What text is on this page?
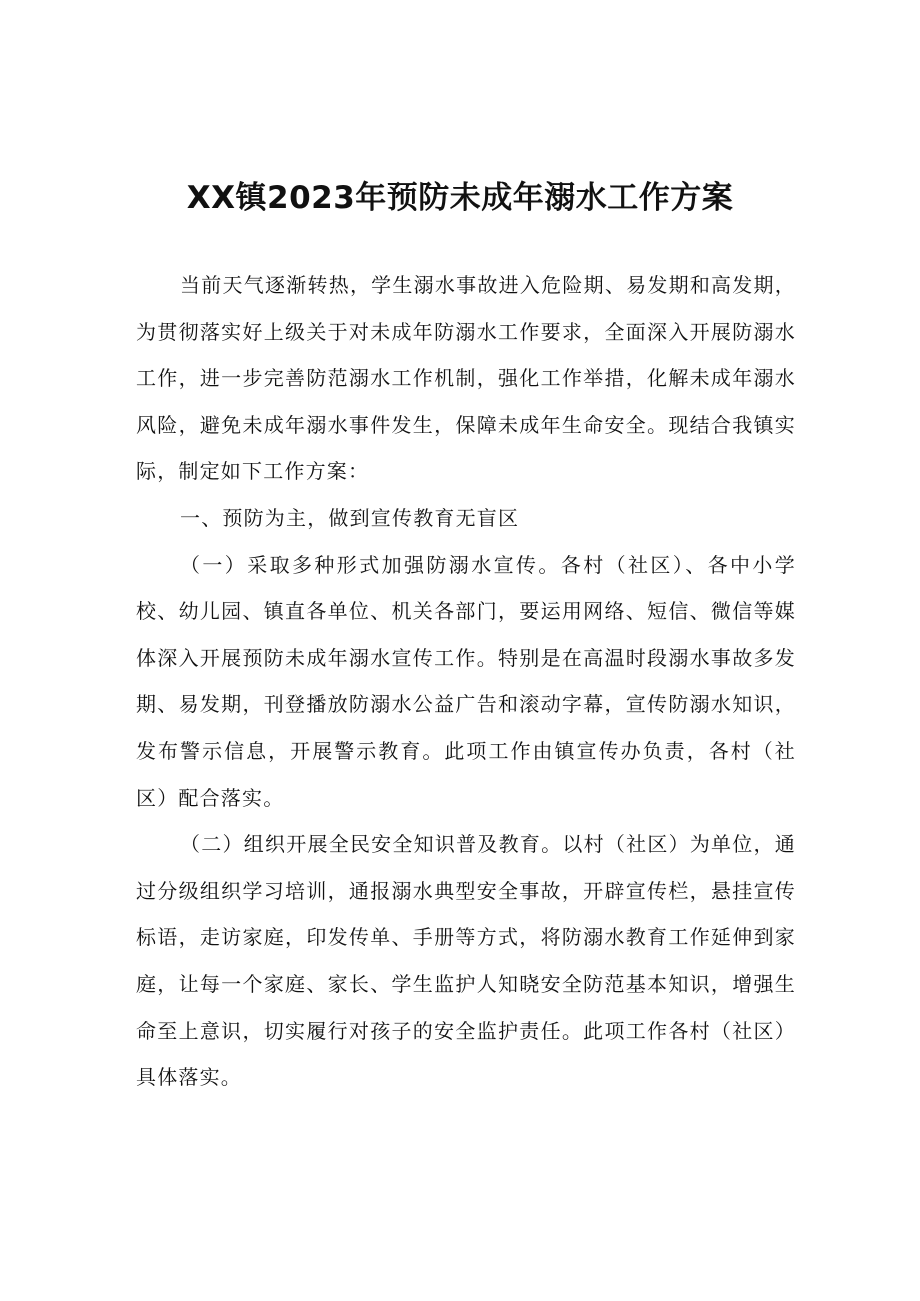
XX镇2023年预防未成年溺水工作方案

当前天气逐渐转热，学生溺水事故进入危险期、易发期和高发期，为贯彻落实好上级关于对未成年防溺水工作要求，全面深入开展防溺水工作，进一步完善防范溺水工作机制，强化工作举措，化解未成年溺水风险，避免未成年溺水事件发生，保障未成年生命安全。现结合我镇实际，制定如下工作方案：

一、预防为主，做到宣传教育无盲区

（一）采取多种形式加强防溺水宣传。各村（社区）、各中小学校、幼儿园、镇直各单位、机关各部门，要运用网络、短信、微信等媒体深入开展预防未成年溺水宣传工作。特别是在高温时段溺水事故多发期、易发期，刊登播放防溺水公益广告和滚动字幕，宣传防溺水知识，发布警示信息，开展警示教育。此项工作由镇宣传办负责，各村（社区）配合落实。

（二）组织开展全民安全知识普及教育。以村（社区）为单位，通过分级组织学习培训，通报溺水典型安全事故，开辟宣传栏，悬挂宣传标语，走访家庭，印发传单、手册等方式，将防溺水教育工作延伸到家庭，让每一个家庭、家长、学生监护人知晓安全防范基本知识，增强生命至上意识，切实履行对孩子的安全监护责任。此项工作各村（社区）具体落实。
